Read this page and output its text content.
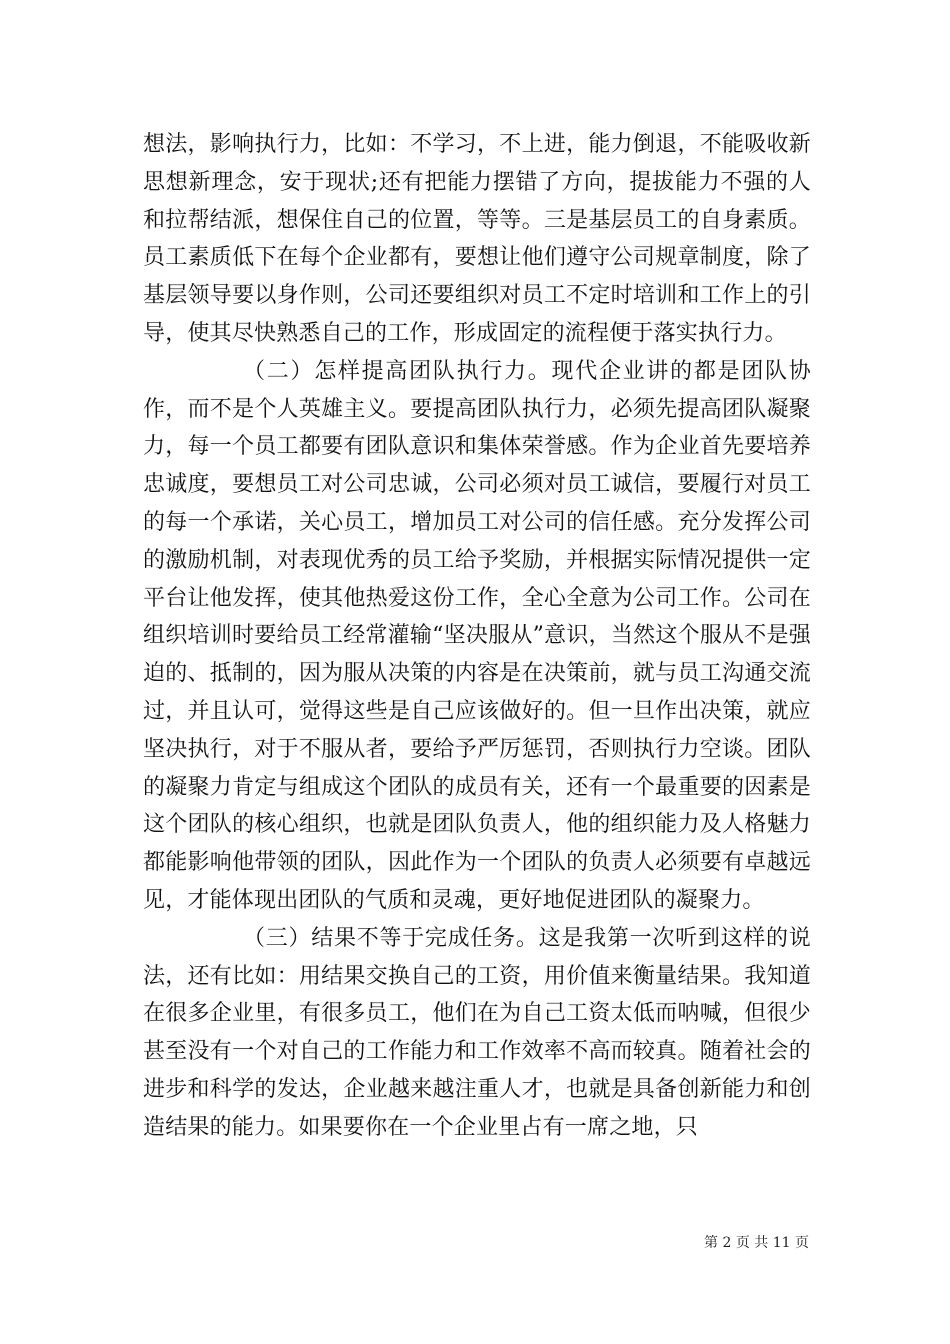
想法，影响执行力，比如：不学习，不上进，能力倒退，不能吸收新思想新理念，安于现状;还有把能力摆错了方向，提拔能力不强的人和拉帮结派，想保住自己的位置，等等。三是基层员工的自身素质。员工素质低下在每个企业都有，要想让他们遵守公司规章制度，除了基层领导要以身作则，公司还要组织对员工不定时培训和工作上的引导，使其尽快熟悉自己的工作，形成固定的流程便于落实执行力。

（二）怎样提高团队执行力。现代企业讲的都是团队协作，而不是个人英雄主义。要提高团队执行力，必须先提高团队凝聚力，每一个员工都要有团队意识和集体荣誉感。作为企业首先要培养忠诚度，要想员工对公司忠诚，公司必须对员工诚信，要履行对员工的每一个承诺，关心员工，增加员工对公司的信任感。充分发挥公司的激励机制，对表现优秀的员工给予奖励，并根据实际情况提供一定平台让他发挥，使其他热爱这份工作，全心全意为公司工作。公司在组织培训时要给员工经常灌输“坚决服从”意识，当然这个服从不是强迫的、抵制的，因为服从决策的内容是在决策前，就与员工沟通交流过，并且认可，觉得这些是自己应该做好的。但一旦作出决策，就应坚决执行，对于不服从者，要给予严厉惩罚，否则执行力空谈。团队的凝聚力肯定与组成这个团队的成员有关，还有一个最重要的因素是这个团队的核心组织，也就是团队负责人，他的组织能力及人格魅力都能影响他带领的团队，因此作为一个团队的负责人必须要有卓越远见，才能体现出团队的气质和灵魂，更好地促进团队的凝聚力。

（三）结果不等于完成任务。这是我第一次听到这样的说法，还有比如：用结果交换自己的工资，用价值来衡量结果。我知道在很多企业里，有很多员工，他们在为自己工资太低而呐喊，但很少甚至没有一个对自己的工作能力和工作效率不高而较真。随着社会的进步和科学的发达，企业越来越注重人才，也就是具备创新能力和创造结果的能力。如果要你在一个企业里占有一席之地，只

第 2 页 共 11 页
